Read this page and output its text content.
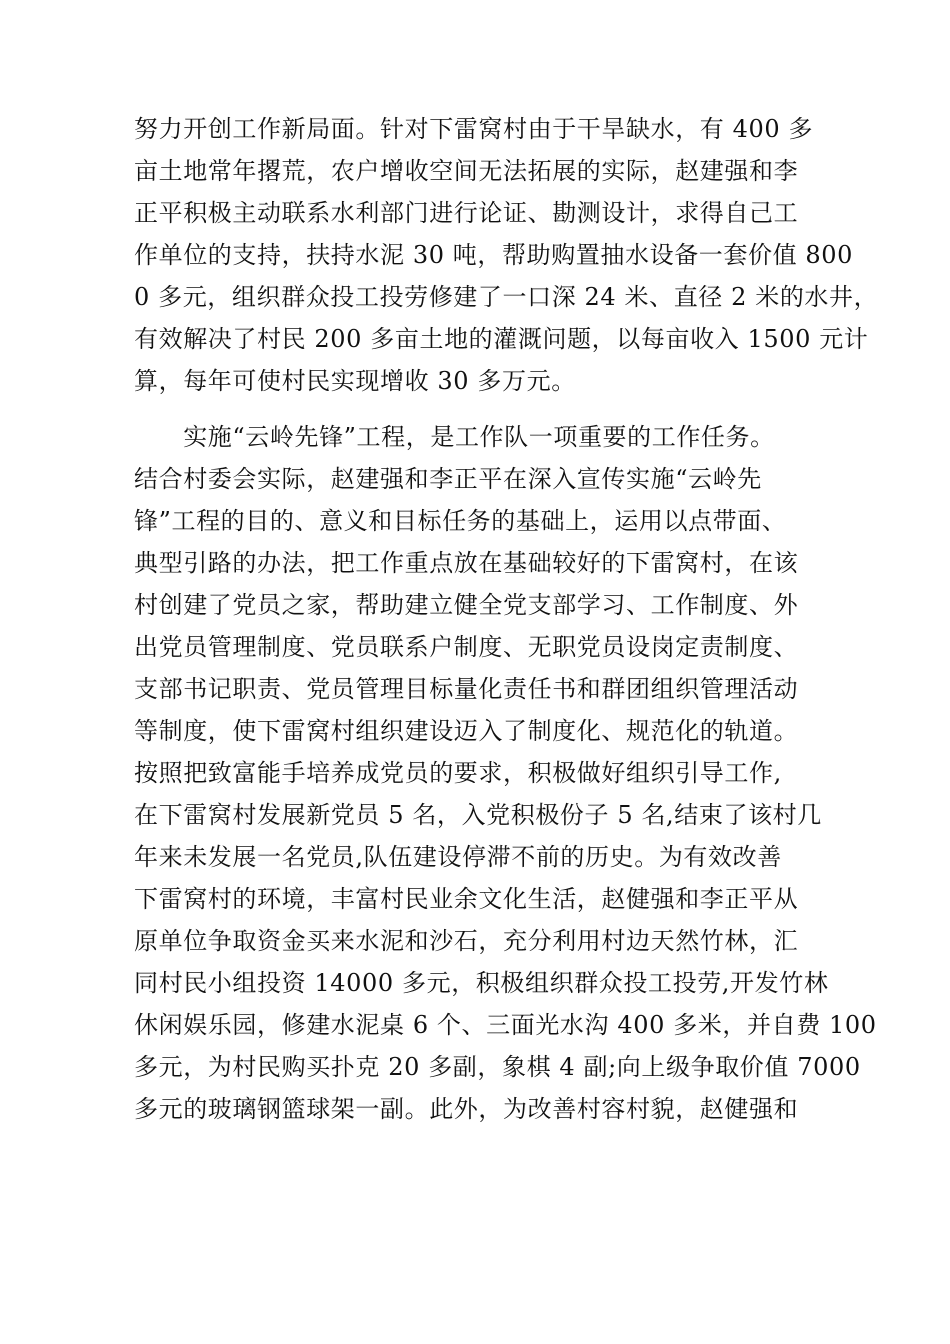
努力开创工作新局面。针对下雷窝村由于干旱缺水，有 400 多
亩土地常年撂荒，农户增收空间无法拓展的实际，赵建强和李
正平积极主动联系水利部门进行论证、勘测设计，求得自己工
作单位的支持，扶持水泥 30 吨，帮助购置抽水设备一套价值 800
0 多元，组织群众投工投劳修建了一口深 24 米、直径 2 米的水井，
有效解决了村民 200 多亩土地的灌溉问题，以每亩收入 1500 元计
算，每年可使村民实现增收 30 多万元。
　　实施“云岭先锋”工程，是工作队一项重要的工作任务。
结合村委会实际，赵建强和李正平在深入宣传实施“云岭先
锋”工程的目的、意义和目标任务的基础上，运用以点带面、
典型引路的办法，把工作重点放在基础较好的下雷窝村，在该
村创建了党员之家，帮助建立健全党支部学习、工作制度、外
出党员管理制度、党员联系户制度、无职党员设岗定责制度、
支部书记职责、党员管理目标量化责任书和群团组织管理活动
等制度，使下雷窝村组织建设迈入了制度化、规范化的轨道。
按照把致富能手培养成党员的要求，积极做好组织引导工作,
在下雷窝村发展新党员 5 名，入党积极份子 5 名,结束了该村几
年来未发展一名党员,队伍建设停滞不前的历史。为有效改善
下雷窝村的环境，丰富村民业余文化生活，赵健强和李正平从
原单位争取资金买来水泥和沙石，充分利用村边天然竹林，汇
同村民小组投资 14000 多元，积极组织群众投工投劳,开发竹林
休闲娱乐园，修建水泥桌 6 个、三面光水沟 400 多米，并自费 100
多元，为村民购买扑克 20 多副，象棋 4 副;向上级争取价值 7000
多元的玻璃钢篮球架一副。此外，为改善村容村貌，赵健强和
